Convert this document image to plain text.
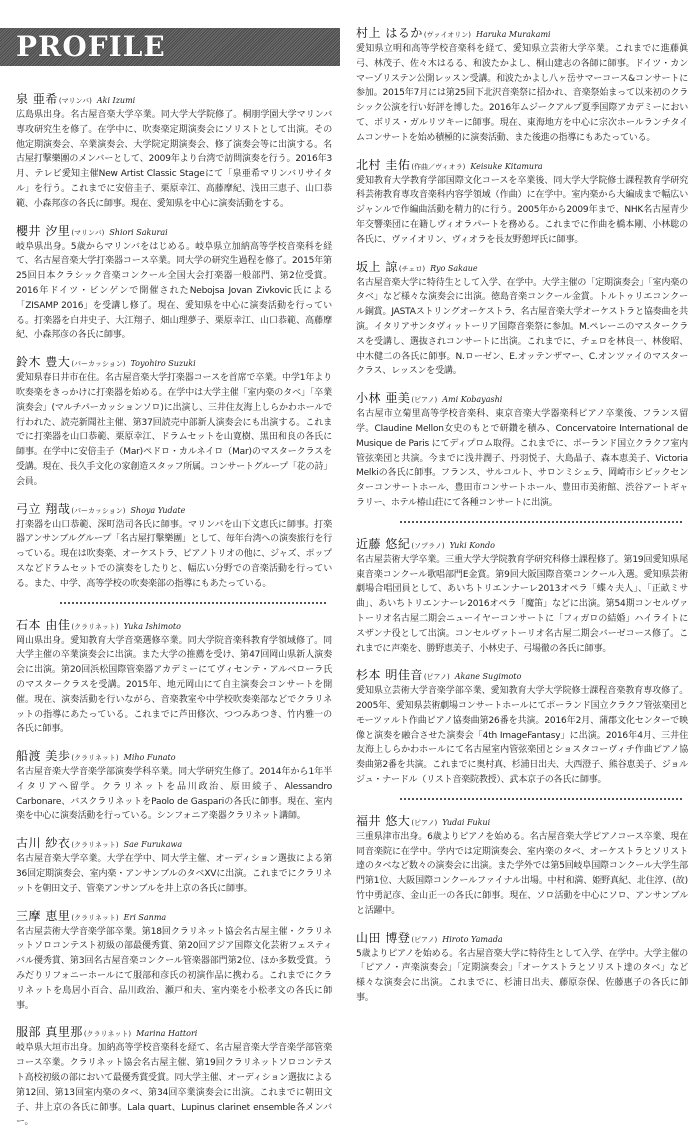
PROFILE
泉 亜希 (マリンバ) Aki Izumi

広島県出身。名古屋音楽大学卒業。同大学大学院修了。桐朋学園大学マリンバ専攻研究生を修了。在学中に、吹奏楽定期演奏会にソリストとして出演。その他定期演奏会、卒業演奏会、大学院定期演奏会、修了演奏会等に出演する。名古屋打撃樂團のメンバーとして、2009年より台湾で訪問演奏を行う。2016年3月、テレビ愛知主催New Artist Classic Stageにて「泉亜希マリンバリサイタル」を行う。これまでに安倍圭子、栗原幸江、高藤摩紀、浅田三恵子、山口恭範、小森邦彦の各氏に師事。現在、愛知県を中心に演奏活動をする。

櫻井 汐里 (マリンバ) Shiori Sakurai

岐阜県出身。5歳からマリンバをはじめる。岐阜県立加納高等学校音楽科を経て、名古屋音楽大学打楽器コース卒業。同大学の研究生過程を修了。2015年第25回日本クラシック音楽コンクール全国大会打楽器一般部門、第2位受賞。2016年ドイツ・ビンゲンで開催されたNebojsa Jovan Zivkovic氏による「ZISAMP 2016」を受講し修了。現在、愛知県を中心に演奏活動を行っている。打楽器を白井史子、大江翔子、畑山理夢子、栗原幸江、山口恭範、高藤摩紀、小森邦彦の各氏に師事。

鈴木 豊大 (パーカッション) Toyohiro Suzuki

愛知県春日井市在住。名古屋音楽大学打楽器コースを首席で卒業。中学1年より吹奏楽をきっかけに打楽器を始める。在学中は大学主催「室内楽のタベ」「卒業演奏会」(マルチパーカッションソロ)に出演し、三井住友海上しらかわホールで行われた、読売新聞社主催、第37回読売中部新人演奏会にも出演する。これまでに打楽器を山口恭範、栗原幸江、ドラムセットを山寛樹、黒田和良の各氏に師事。在学中に安倍圭子（Mar)ペドロ・カルネイロ（Mar)のマスタークラスを受講。現在、長久手文化の家創造スタッフ所属。コンサートグループ「花の詩」会員。

弓立 翔哉 (パーカッション) Shoya Yudate

打楽器を山口恭範、深町浩司各氏に師事。マリンバを山下文恵氏に師事。打楽器アンサンブルグループ「名古屋打撃樂團」として、毎年台湾への演奏旅行を行っている。現在は吹奏楽、オーケストラ、ピアノトリオの他に、ジャズ、ポップスなどドラムセットでの演奏をしたりと、幅広い分野での音楽活動を行っている。また、中学、高等学校の吹奏楽部の指導にもあたっている。

石本 由佳 (クラリネット) Yuka Ishimoto

岡山県出身。愛知教育大学音楽選修卒業。同大学院音楽科教育学領域修了。同大学主催の卒業演奏会に出演。また大学の推薦を受け、第47回岡山県新人演奏会に出演。第20回浜松国際管楽器アカデミーにてヴィセンテ・アルベローラ氏のマスタークラスを受講。2015年、地元岡山にて自主演奏会コンサートを開催。現在、演奏活動を行いながら、音楽教室や中学校吹奏楽部などでクラリネットの指導にあたっている。これまでに芦田修次、つつみあつき、竹内雅一の各氏に師事。

船渡 美歩 (クラリネット) Miho Funato

名古屋音楽大学音楽学部演奏学科卒業。同大学研究生修了。2014年から1年半イタリアへ留学。クラリネットを品川政治、原田綾子、Alessandro Carbonare、バスクラリネットをPaolo de Gaspariの各氏に師事。現在、室内楽を中心に演奏活動を行っている。シンフォニア楽器クラリネット講師。

古川 紗衣 (クラリネット) Sae Furukawa

名古屋音楽大学卒業。大学在学中、同大学主催、オーディション選抜による第36回定期演奏会、室内楽・アンサンブルのタベXVに出演。これまでにクラリネットを朝田文子、管楽アンサンブルを井上京の各氏に師事。

三摩 恵里 (クラリネット) Eri Sanma

名古屋芸術大学音楽学部卒業。第18回クラリネット協会名古屋主催・クラリネットソロコンテスト初級の部最優秀賞、第20回アジア国際文化芸術フェスティバル優秀賞、第3回名古屋音楽コンクール管楽器部門第2位、ほか多数受賞。うみだりリフォニーホールにて服部和彦氏の初演作品に携わる。これまでにクラリネットを鳥居小百合、品川政治、瀬戸和夫、室内楽を小松孝文の各氏に師事。

服部 真里那 (クラリネット) Marina Hattori

岐阜県大垣市出身。加納高等学校音楽科を経て、名古屋音楽大学音楽学部管楽コース卒業。クラリネット協会名古屋主催、第19回クラリネットソロコンテスト高校初級の部において最優秀賞受賞。同大学主催、オーディション選抜による第12回、第13回室内楽のタベ、第34回卒業演奏会に出演。これまでに朝田文子、井上京の各氏に師事。Lala quart、Lupinus clarinet ensemble各メンバー。

村上 はるか (ヴァイオリン) Haruka Murakami

愛知県立明和高等学校音楽科を経て、愛知県立芸術大学卒業。これまでに進藤眞弓、林茂子、佐々木はるる、和波たかよし、桐山建志の各師に師事。ドイツ・カンマーゾリステン公開レッスン受講。和波たかよし八ヶ岳サマーコース&コンサートに参加。2015年7月には第25回下北沢音楽祭に招かれ、音楽祭始まって以来初のクラシック公演を行い好評を博した。2016年ムジークアルプ夏季国際アカデミーにおいて、ボリス・ガルリツキーに師事。現在、東海地方を中心に宗次ホールランチタイムコンサートを始め積極的に演奏活動、また後進の指導にもあたっている。

北村 圭佑 (作曲／ヴィオラ) Keisuke Kitamura

愛知教育大学教育学部国際文化コースを卒業後、同大学大学院修士課程教育学研究科芸術教育専攻音楽科内容学領域（作曲）に在学中。室内楽から大編成まで幅広いジャンルで作編曲活動を精力的に行う。2005年から2009年まで、NHK名古屋青少年交響楽団に在籍しヴィオラパートを務める。これまでに作曲を橋本剛、小林聡の各氏に、ヴァイオリン、ヴィオラを長友野憩坪氏に師事。

坂上 諒 (チェロ) Ryo Sakaue

名古屋音楽大学に特待生として入学、在学中。大学主催の「定期演奏会」「室内楽のタベ」など様々な演奏会に出演。徳島音楽コンクール金賞。トルトゥリエコンクール銅賞。JASTAストリングオーケストラ、名古屋音楽大学オーケストラと協奏曲を共演。イタリアサンタヴィットーリア国際音楽祭に参加。M.ペレーニのマスタークラスを受講し、選抜されコンサートに出演。これまでに、チェロを林良一、林俊昭、中木健二の各氏に師事。N.ローゼン、E.オッテンザマー、C.オンツァイのマスタークラス、レッスンを受講。

小林 亜美 (ピアノ) Ami Kobayashi

名古屋市立菊里高等学校音楽科、東京音楽大学器楽科ピアノ卒業後、フランス留学。Claudine Mellon女史のもとで研鑽を積み、Concervatoire International de Musique de Paris にてディプロム取得。これまでに、ポーランド国立クラクフ室内管弦楽団と共演。今までに浅井潤子、丹羽悦子、大島晶子、森本恵美子、Victoria Melkiの各氏に師事。フランス、サルコルト、サロンミシェラ、岡崎市シビックセンターコンサートホール、豊田市コンサートホール、豊田市美術館、渋谷アートギャラリー、ホテル椿山荘にて各種コンサートに出演。

近藤 悠紀 (ソプラノ) Yuki Kondo

名古屋芸術大学卒業。三重大学大学院教育学研究科修士課程修了。第19回愛知県尾東音楽コンクール歌唱部門E金賞。第9回大阪国際音楽コンクール入選。愛知県芸術劇場合唱団員として、あいちトリエンナーレ2013オペラ「蝶々夫人」、「正畝ミサ曲」、あいちトリエンナーレ2016オペラ「魔笛」などに出演。第54期コンセルヴァトーリオ名古屋二期会ニューイヤーコンサートに「フィガロの結婚」ハイライトにスザンナ役として出演。コンセルヴァトーリオ名古屋二期会バーゼコース修了。これまでに声楽を、勝野恵美子、小林史子、弓場徹の各氏に師事。

杉本 明佳音 (ピアノ) Akane Sugimoto

愛知県立芸術大学音楽学部卒業、愛知教育大学大学院修士課程音楽教育専攻修了。2005年、愛知県芸術劇場コンサートホールにてポーランド国立クラクフ管弦楽団とモーツァルト作曲ピアノ協奏曲第26番を共演。2016年2月、蒲郡文化センターで映像と演奏を融合させた演奏会「4th ImageFantasy」に出演。2016年4月、三井住友海上しらかわホールにて名古屋室内管弦楽団とショスタコーヴィチ作曲ピアノ協奏曲第2番を共演。これまでに奥村真、杉浦日出夫、大西澄子、熊谷恵美子、ジョルジュ・ナードル（リスト音楽院教授）、武本京子の各氏に師事。

福井 悠大 (ピアノ) Yudai Fukui

三重県津市出身。6歳よりピアノを始める。名古屋音楽大学ピアノコース卒業、現在同音楽院に在学中。学内では定期演奏会、室内楽のタベ、オーケストラとソリスト達のタベなど数々の演奏会に出演。また学外では第5回岐阜国際コンクール大学生部門第1位、大阪国際コンクールファイナル出場。中村和満、姫野真紀、北住淳、(故)竹中勇記彦、金山正一の各氏に師事。現在、ソロ活動を中心にソロ、アンサンブルと活躍中。

山田 博登 (ピアノ) Hiroto Yamada

5歳よりピアノを始める。名古屋音楽大学に特待生として入学、在学中。大学主催の「ピアノ・声楽演奏会」「定期演奏会」「オーケストラとソリスト達のタベ」など様々な演奏会に出演。これまでに、杉浦日出夫、藤原奈保、佐藤惠子の各氏に師事。
